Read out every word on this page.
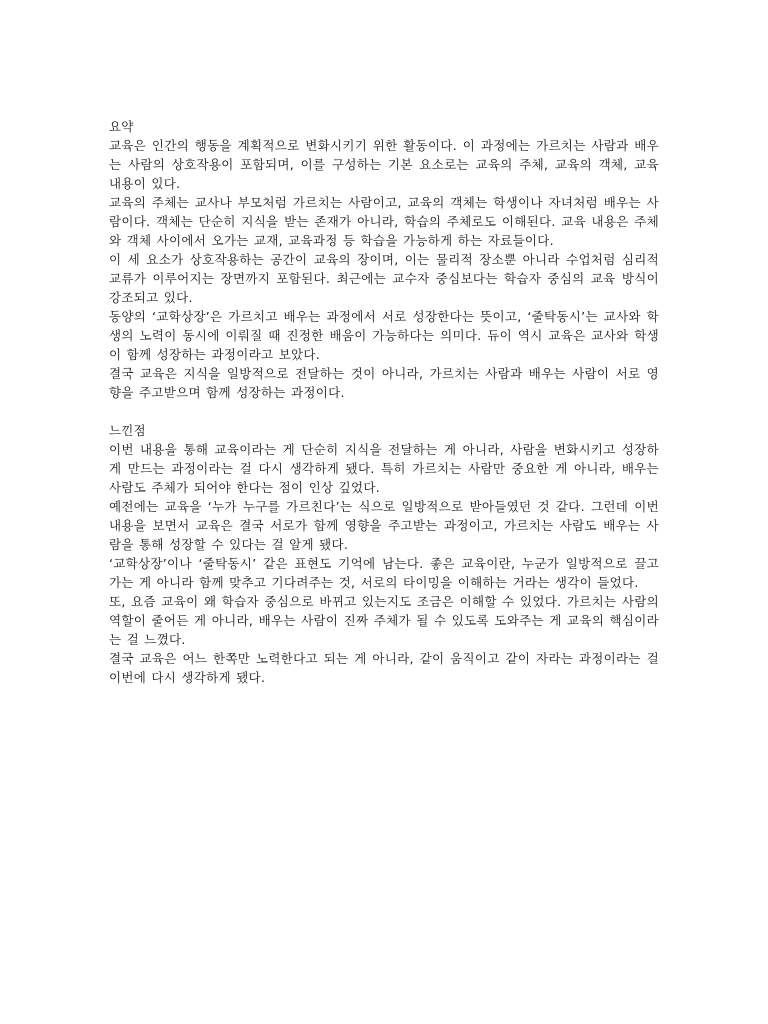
요약

교육은 인간의 행동을 계획적으로 변화시키기 위한 활동이다. 이 과정에는 가르치는 사람과 배우는 사람의 상호작용이 포함되며, 이를 구성하는 기본 요소로는 교육의 주체, 교육의 객체, 교육 내용이 있다.

교육의 주체는 교사나 부모처럼 가르치는 사람이고, 교육의 객체는 학생이나 자녀처럼 배우는 사람이다. 객체는 단순히 지식을 받는 존재가 아니라, 학습의 주체로도 이해된다. 교육 내용은 주체와 객체 사이에서 오가는 교재, 교육과정 등 학습을 가능하게 하는 자료들이다.

이 세 요소가 상호작용하는 공간이 교육의 장이며, 이는 물리적 장소뿐 아니라 수업처럼 심리적 교류가 이루어지는 장면까지 포함된다. 최근에는 교수자 중심보다는 학습자 중심의 교육 방식이 강조되고 있다.

동양의 ‘교학상장’은 가르치고 배우는 과정에서 서로 성장한다는 뜻이고, ‘줄탁동시’는 교사와 학생의 노력이 동시에 이뤄질 때 진정한 배움이 가능하다는 의미다. 듀이 역시 교육은 교사와 학생이 함께 성장하는 과정이라고 보았다.

결국 교육은 지식을 일방적으로 전달하는 것이 아니라, 가르치는 사람과 배우는 사람이 서로 영향을 주고받으며 함께 성장하는 과정이다.

느낀점

이번 내용을 통해 교육이라는 게 단순히 지식을 전달하는 게 아니라, 사람을 변화시키고 성장하게 만드는 과정이라는 걸 다시 생각하게 됐다. 특히 가르치는 사람만 중요한 게 아니라, 배우는 사람도 주체가 되어야 한다는 점이 인상 깊었다.

예전에는 교육을 ‘누가 누구를 가르친다’는 식으로 일방적으로 받아들였던 것 같다. 그런데 이번 내용을 보면서 교육은 결국 서로가 함께 영향을 주고받는 과정이고, 가르치는 사람도 배우는 사람을 통해 성장할 수 있다는 걸 알게 됐다.

‘교학상장’이나 ‘줄탁동시’ 같은 표현도 기억에 남는다. 좋은 교육이란, 누군가 일방적으로 끌고 가는 게 아니라 함께 맞추고 기다려주는 것, 서로의 타이밍을 이해하는 거라는 생각이 들었다.

또, 요즘 교육이 왜 학습자 중심으로 바뀌고 있는지도 조금은 이해할 수 있었다. 가르치는 사람의 역할이 줄어든 게 아니라, 배우는 사람이 진짜 주체가 될 수 있도록 도와주는 게 교육의 핵심이라는 걸 느꼈다.

결국 교육은 어느 한쪽만 노력한다고 되는 게 아니라, 같이 움직이고 같이 자라는 과정이라는 걸 이번에 다시 생각하게 됐다.
